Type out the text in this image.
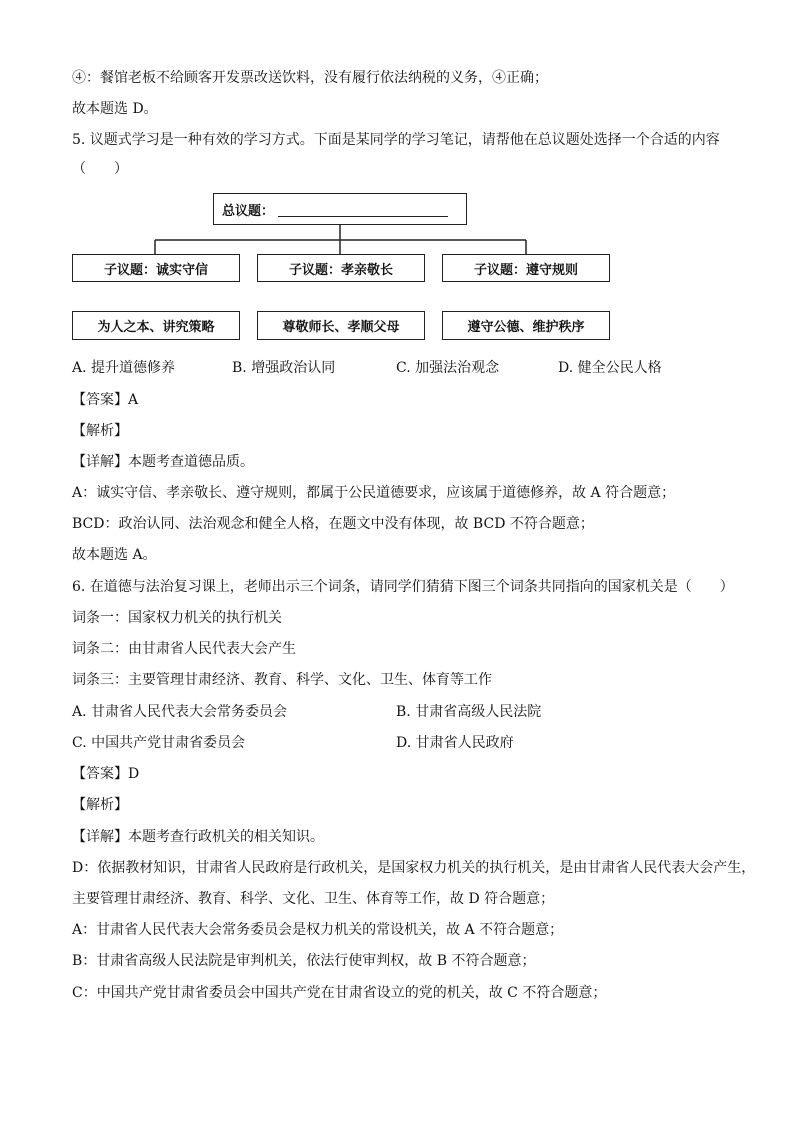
④：餐馆老板不给顾客开发票改送饮料，没有履行依法纳税的义务，④正确；
故本题选 D。
5. 议题式学习是一种有效的学习方式。下面是某同学的学习笔记，请帮他在总议题处选择一个合适的内容
（　　）
总议题：
子议题：诚实守信	子议题：孝亲敬长	子议题：遵守规则
为人之本、讲究策略	尊敬师长、孝顺父母	遵守公德、维护秩序
A. 提升道德修养	B. 增强政治认同	C. 加强法治观念	D. 健全公民人格
【答案】A
【解析】
【详解】本题考查道德品质。
A：诚实守信、孝亲敬长、遵守规则，都属于公民道德要求，应该属于道德修养，故 A 符合题意；
BCD：政治认同、法治观念和健全人格，在题文中没有体现，故 BCD 不符合题意；
故本题选 A。
6. 在道德与法治复习课上，老师出示三个词条，请同学们猜猜下图三个词条共同指向的国家机关是（　　）
词条一：国家权力机关的执行机关
词条二：由甘肃省人民代表大会产生
词条三：主要管理甘肃经济、教育、科学、文化、卫生、体育等工作
A. 甘肃省人民代表大会常务委员会	B. 甘肃省高级人民法院
C. 中国共产党甘肃省委员会	D. 甘肃省人民政府
【答案】D
【解析】
【详解】本题考查行政机关的相关知识。
D：依据教材知识，甘肃省人民政府是行政机关，是国家权力机关的执行机关，是由甘肃省人民代表大会产生，
主要管理甘肃经济、教育、科学、文化、卫生、体育等工作，故 D 符合题意；
A：甘肃省人民代表大会常务委员会是权力机关的常设机关，故 A 不符合题意；
B：甘肃省高级人民法院是审判机关，依法行使审判权，故 B 不符合题意；
C：中国共产党甘肃省委员会中国共产党在甘肃省设立的党的机关，故 C 不符合题意；
